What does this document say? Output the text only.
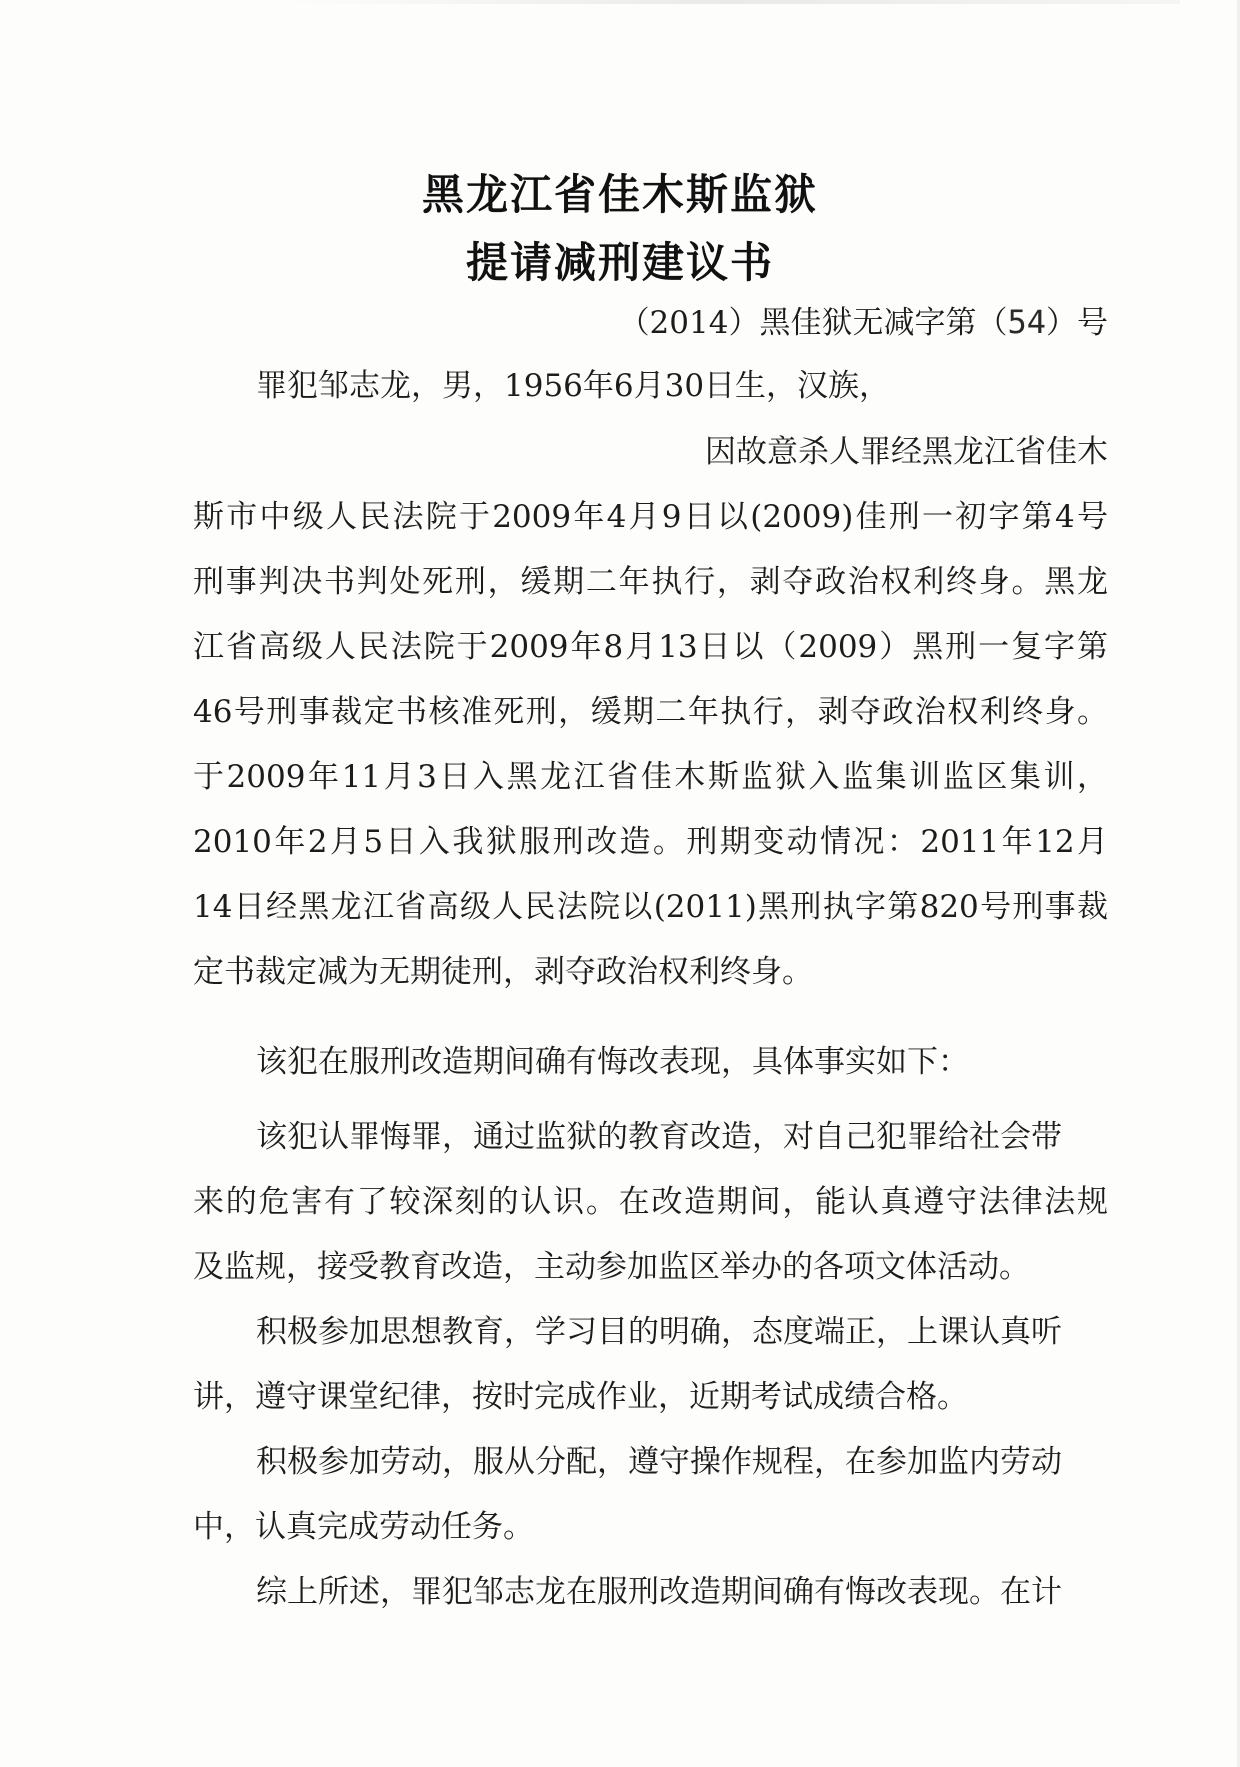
黑龙江省佳木斯监狱
提请减刑建议书
（2014）黑佳狱无减字第（54）号
罪犯邹志龙，男，1956年6月30日生，汉族，
因故意杀人罪经黑龙江省佳木
斯市中级人民法院于2009年4月9日以(2009)佳刑一初字第4号
刑事判决书判处死刑，缓期二年执行，剥夺政治权利终身。黑龙
江省高级人民法院于2009年8月13日以（2009）黑刑一复字第
46号刑事裁定书核准死刑，缓期二年执行，剥夺政治权利终身。
于2009年11月3日入黑龙江省佳木斯监狱入监集训监区集训，
2010年2月5日入我狱服刑改造。刑期变动情况：2011年12月
14日经黑龙江省高级人民法院以(2011)黑刑执字第820号刑事裁
定书裁定减为无期徒刑，剥夺政治权利终身。
该犯在服刑改造期间确有悔改表现，具体事实如下：
该犯认罪悔罪，通过监狱的教育改造，对自己犯罪给社会带
来的危害有了较深刻的认识。在改造期间，能认真遵守法律法规
及监规，接受教育改造，主动参加监区举办的各项文体活动。
积极参加思想教育，学习目的明确，态度端正，上课认真听
讲，遵守课堂纪律，按时完成作业，近期考试成绩合格。
积极参加劳动，服从分配，遵守操作规程，在参加监内劳动
中，认真完成劳动任务。
综上所述，罪犯邹志龙在服刑改造期间确有悔改表现。在计
